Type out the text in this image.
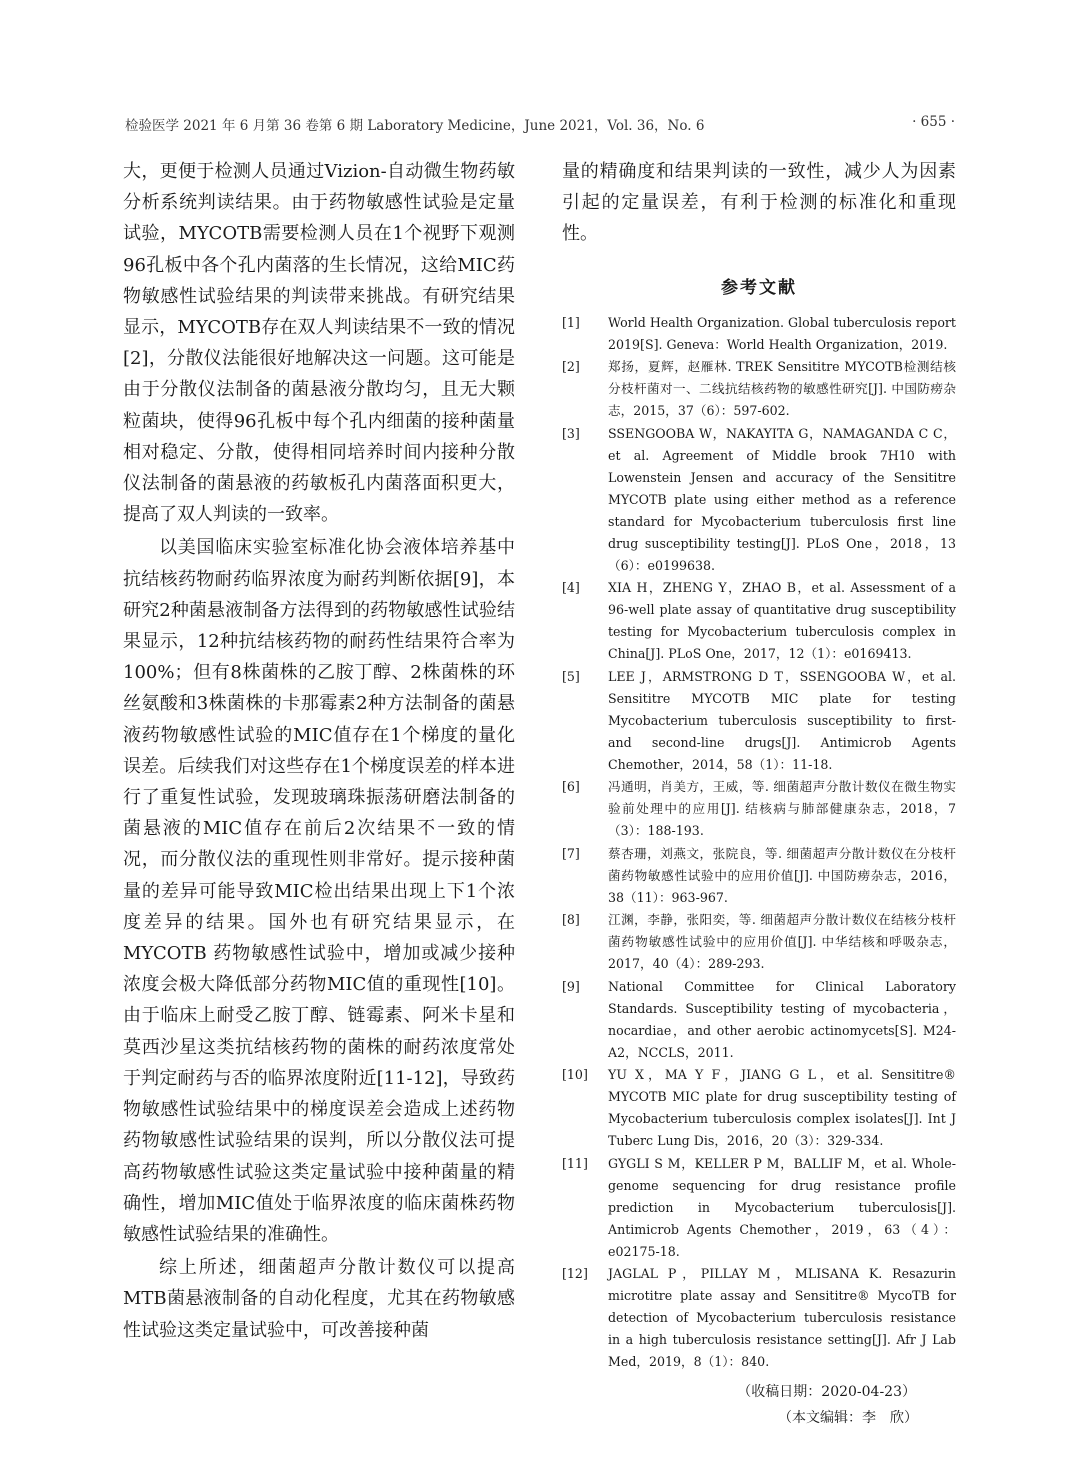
检验医学 2021 年 6 月第 36 卷第 6 期 Laboratory Medicine，June 2021，Vol. 36，No. 6	· 655 ·

大，更便于检测人员通过Vizion-自动微生物药敏分析系统判读结果。由于药物敏感性试验是定量试验，MYCOTB需要检测人员在1个视野下观测96孔板中各个孔内菌落的生长情况，这给MIC药物敏感性试验结果的判读带来挑战。有研究结果显示，MYCOTB存在双人判读结果不一致的情况[2]，分散仪法能很好地解决这一问题。这可能是由于分散仪法制备的菌悬液分散均匀，且无大颗粒菌块，使得96孔板中每个孔内细菌的接种菌量相对稳定、分散，使得相同培养时间内接种分散仪法制备的菌悬液的药敏板孔内菌落面积更大，提高了双人判读的一致率。

以美国临床实验室标准化协会液体培养基中抗结核药物耐药临界浓度为耐药判断依据[9]，本研究2种菌悬液制备方法得到的药物敏感性试验结果显示，12种抗结核药物的耐药性结果符合率为100%；但有8株菌株的乙胺丁醇、2株菌株的环丝氨酸和3株菌株的卡那霉素2种方法制备的菌悬液药物敏感性试验的MIC值存在1个梯度的量化误差。后续我们对这些存在1个梯度误差的样本进行了重复性试验，发现玻璃珠振荡研磨法制备的菌悬液的MIC值存在前后2次结果不一致的情况，而分散仪法的重现性则非常好。提示接种菌量的差异可能导致MIC检出结果出现上下1个浓度差异的结果。国外也有研究结果显示，在MYCOTB 药物敏感性试验中，增加或减少接种浓度会极大降低部分药物MIC值的重现性[10]。由于临床上耐受乙胺丁醇、链霉素、阿米卡星和莫西沙星这类抗结核药物的菌株的耐药浓度常处于判定耐药与否的临界浓度附近[11-12]，导致药物敏感性试验结果中的梯度误差会造成上述药物药物敏感性试验结果的误判，所以分散仪法可提高药物敏感性试验这类定量试验中接种菌量的精确性，增加MIC值处于临界浓度的临床菌株药物敏感性试验结果的准确性。

综上所述，细菌超声分散计数仪可以提高MTB菌悬液制备的自动化程度，尤其在药物敏感性试验这类定量试验中，可改善接种菌

量的精确度和结果判读的一致性，减少人为因素引起的定量误差，有利于检测的标准化和重现性。

参考文献
[1]	World Health Organization. Global tuberculosis report 2019[S]. Geneva：World Health Organization，2019.
[2]	郑扬，夏辉，赵雁林. TREK Sensititre MYCOTB检测结核分枝杆菌对一、二线抗结核药物的敏感性研究[J]. 中国防痨杂志，2015，37（6）：597-602.
[3]	SSENGOOBA W，NAKAYITA G，NAMAGANDA C C，et al. Agreement of Middle brook 7H10 with Lowenstein Jensen and accuracy of the Sensititre MYCOTB plate using either method as a reference standard for Mycobacterium tuberculosis first line drug susceptibility testing[J]. PLoS One，2018，13（6）：e0199638.
[4]	XIA H，ZHENG Y，ZHAO B，et al. Assessment of a 96-well plate assay of quantitative drug susceptibility testing for Mycobacterium tuberculosis complex in China[J]. PLoS One，2017，12（1）：e0169413.
[5]	LEE J，ARMSTRONG D T，SSENGOOBA W，et al. Sensititre MYCOTB MIC plate for testing Mycobacterium tuberculosis susceptibility to first- and second-line drugs[J]. Antimicrob Agents Chemother，2014，58（1）：11-18.
[6]	冯通明，肖美方，王威，等. 细菌超声分散计数仪在微生物实验前处理中的应用[J]. 结核病与肺部健康杂志，2018，7（3）：188-193.
[7]	蔡杏珊，刘燕文，张院良，等. 细菌超声分散计数仪在分枝杆菌药物敏感性试验中的应用价值[J]. 中国防痨杂志，2016，38（11）：963-967.
[8]	江渊，李静，张阳奕，等. 细菌超声分散计数仪在结核分枝杆菌药物敏感性试验中的应用价值[J]. 中华结核和呼吸杂志，2017，40（4）：289-293.
[9]	National Committee for Clinical Laboratory Standards. Susceptibility testing of mycobacteria，nocardiae，and other aerobic actinomycets[S]. M24-A2，NCCLS，2011.
[10]	YU X，MA Y F，JIANG G L，et al. Sensititre® MYCOTB MIC plate for drug susceptibility testing of Mycobacterium tuberculosis complex isolates[J]. Int J Tuberc Lung Dis，2016，20（3）：329-334.
[11]	GYGLI S M，KELLER P M，BALLIF M，et al. Whole-genome sequencing for drug resistance profile prediction in Mycobacterium tuberculosis[J]. Antimicrob Agents Chemother，2019，63（4）：e02175-18.
[12]	JAGLAL P，PILLAY M，MLISANA K. Resazurin microtitre plate assay and Sensititre® MycoTB for detection of Mycobacterium tuberculosis resistance in a high tuberculosis resistance setting[J]. Afr J Lab Med，2019，8（1）：840.
（收稿日期：2020-04-23）
（本文编辑：李　欣）
